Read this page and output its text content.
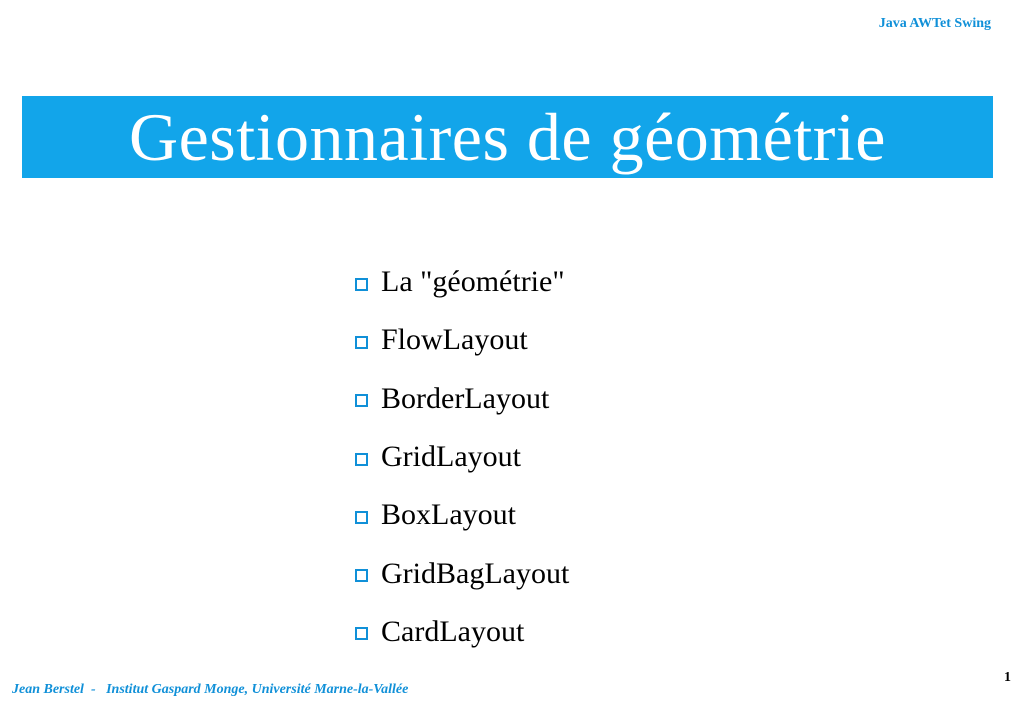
Java AWTet Swing
Gestionnaires de géométrie
La "géométrie"
FlowLayout
BorderLayout
GridLayout
BoxLayout
GridBagLayout
CardLayout
Jean Berstel  -   Institut Gaspard Monge, Université Marne-la-Vallée
1
